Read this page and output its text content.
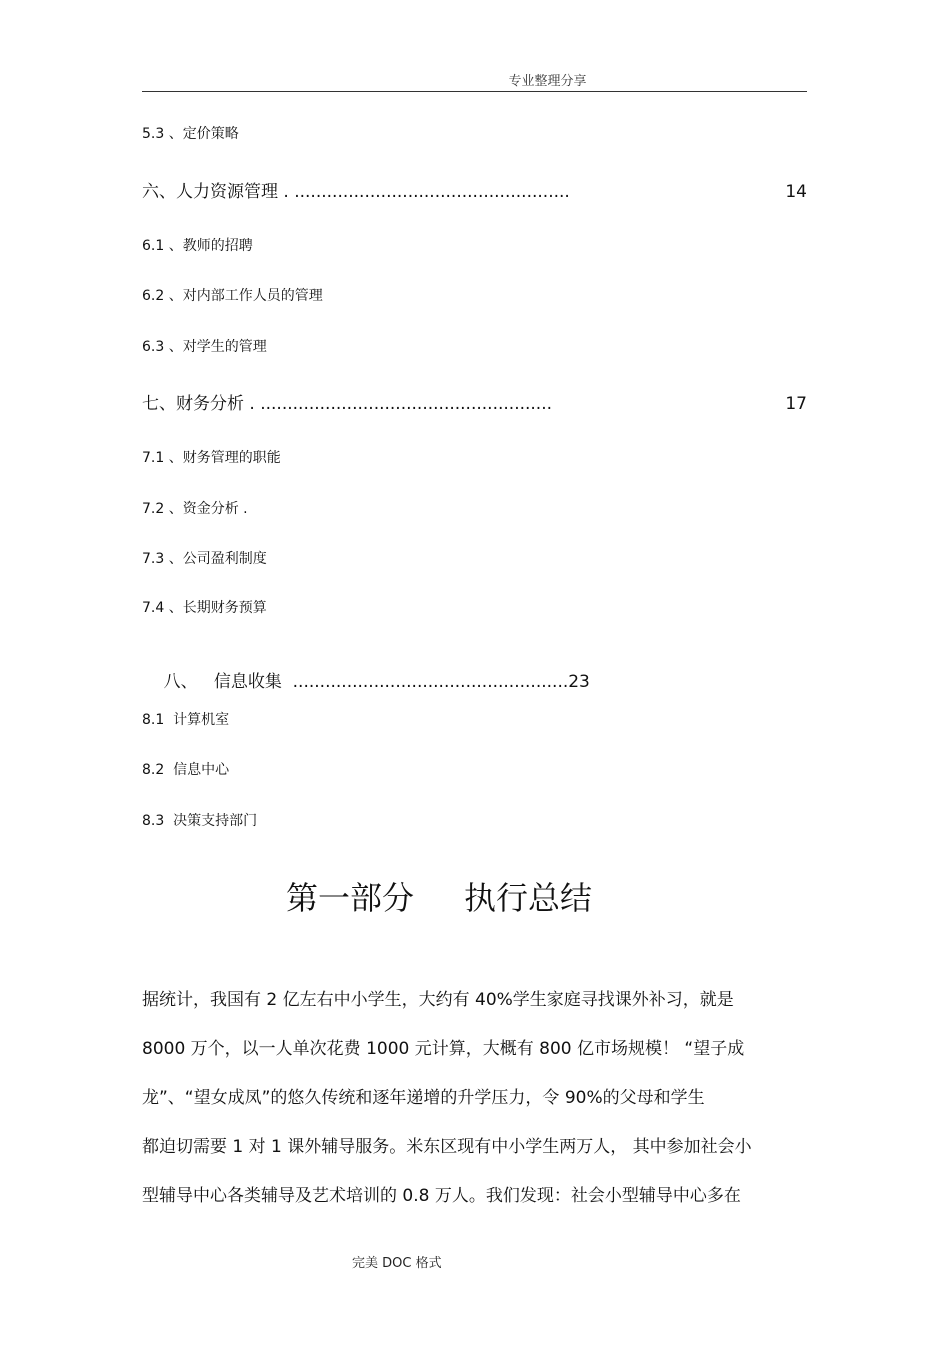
专业整理分享
5.3 、定价策略
六、人力资源管理 . ...................................................	14
6.1 、教师的招聘
6.2 、对内部工作人员的管理
6.3 、对学生的管理
七、财务分析 . ......................................................	17
7.1 、财务管理的职能
7.2 、资金分析 .
7.3 、公司盈利制度
7.4 、长期财务预算

八、   信息收集  ...................................................23

8.1  计算机室
8.2  信息中心
8.3  决策支持部门
第一部分 执行总结

据统计，我国有 2 亿左右中小学生，大约有 40%学生家庭寻找课外补习，就是
8000 万个，以一人单次花费 1000 元计算，大概有 800 亿市场规模！ “望子成
龙”、“望女成凤”的悠久传统和逐年递增的升学压力，令 90%的父母和学生
都迫切需要 1 对 1 课外辅导服务。米东区现有中小学生两万人， 其中参加社会小
型辅导中心各类辅导及艺术培训的 0.8 万人。我们发现：社会小型辅导中心多在

完美 DOC 格式
